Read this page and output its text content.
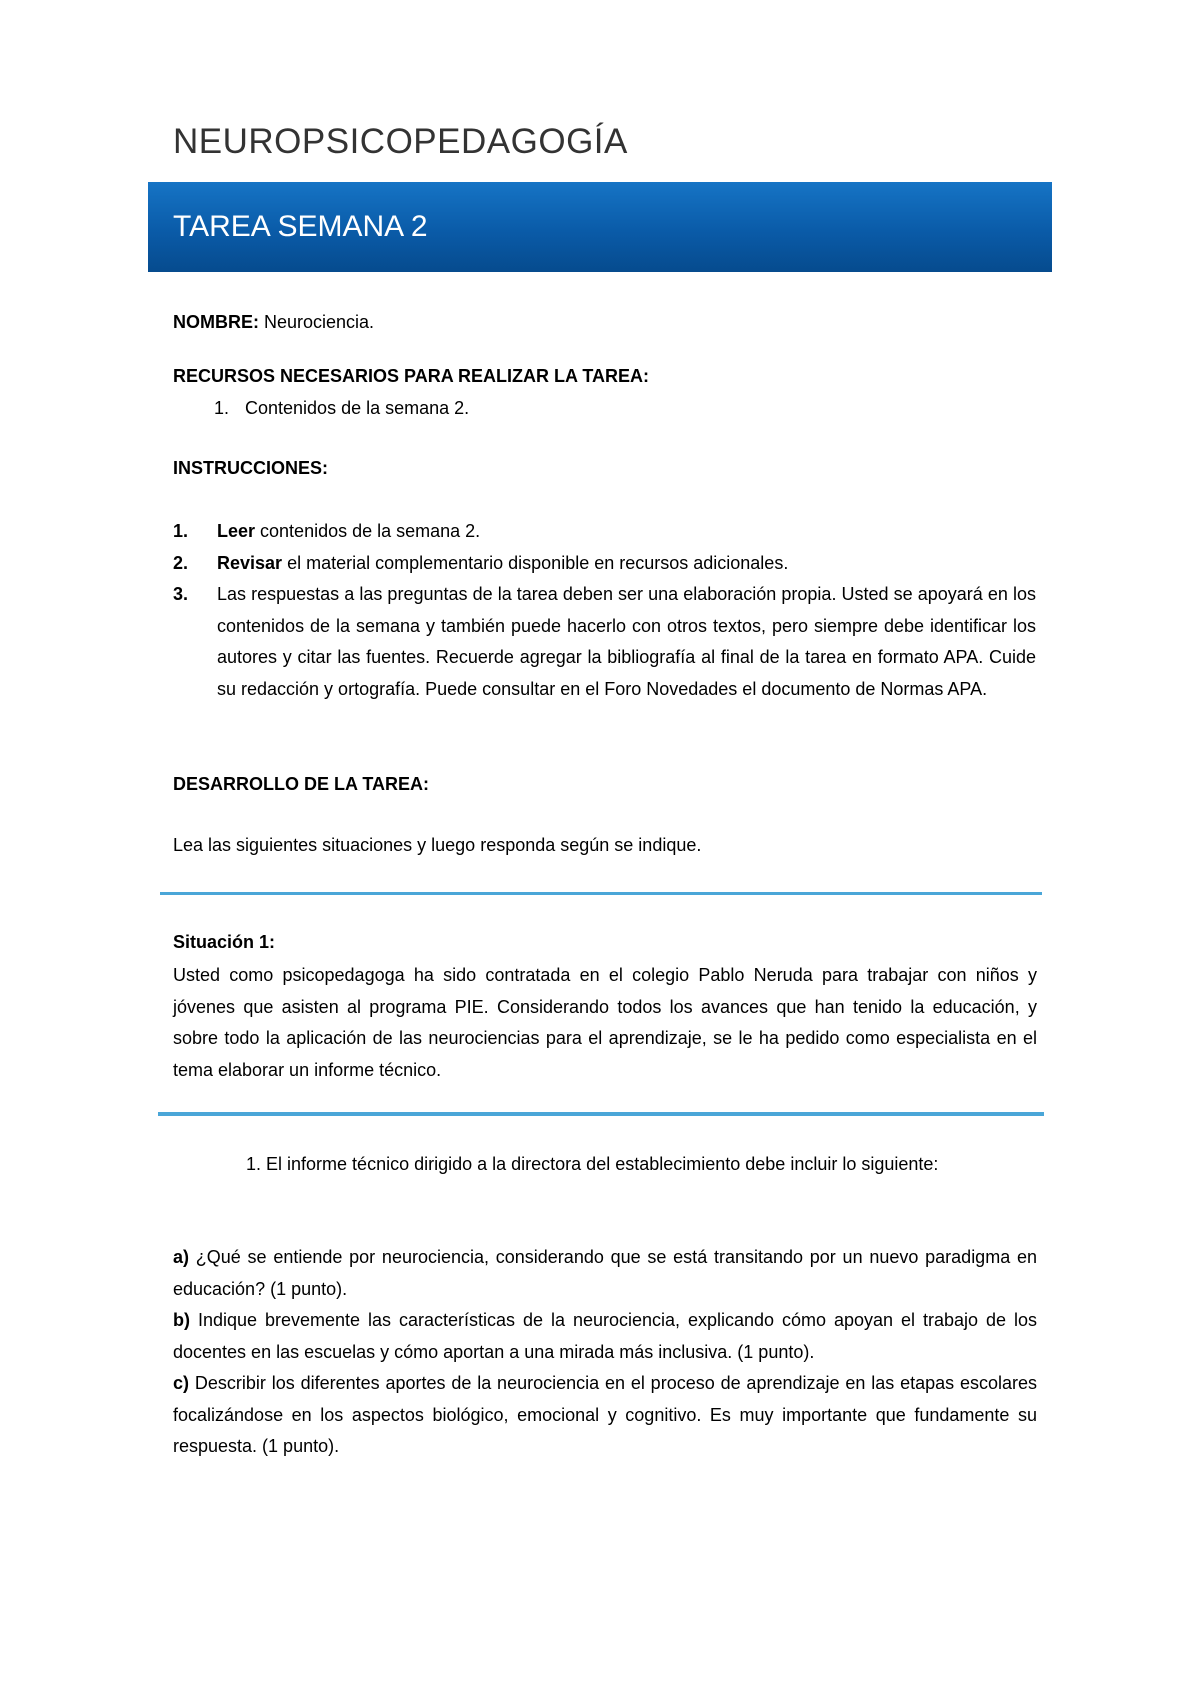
NEUROPSICOPEDAGOGÍA
TAREA SEMANA 2
NOMBRE: Neurociencia.
RECURSOS NECESARIOS PARA REALIZAR LA TAREA:
1. Contenidos de la semana 2.
INSTRUCCIONES:
1. Leer contenidos de la semana 2.
2. Revisar el material complementario disponible en recursos adicionales.
3. Las respuestas a las preguntas de la tarea deben ser una elaboración propia. Usted se apoyará en los contenidos de la semana y también puede hacerlo con otros textos, pero siempre debe identificar los autores y citar las fuentes. Recuerde agregar la bibliografía al final de la tarea en formato APA. Cuide su redacción y ortografía. Puede consultar en el Foro Novedades el documento de Normas APA.
DESARROLLO DE LA TAREA:
Lea las siguientes situaciones y luego responda según se indique.
Situación 1:
Usted como psicopedagoga ha sido contratada en el colegio Pablo Neruda para trabajar con niños y jóvenes que asisten al programa PIE. Considerando todos los avances que han tenido la educación, y sobre todo la aplicación de las neurociencias para el aprendizaje, se le ha pedido como especialista en el tema elaborar un informe técnico.
1. El informe técnico dirigido a la directora del establecimiento debe incluir lo siguiente:
a) ¿Qué se entiende por neurociencia, considerando que se está transitando por un nuevo paradigma en educación? (1 punto).
b) Indique brevemente las características de la neurociencia, explicando cómo apoyan el trabajo de los docentes en las escuelas y cómo aportan a una mirada más inclusiva. (1 punto).
c) Describir los diferentes aportes de la neurociencia en el proceso de aprendizaje en las etapas escolares focalizándose en los aspectos biológico, emocional y cognitivo. Es muy importante que fundamente su respuesta. (1 punto).
